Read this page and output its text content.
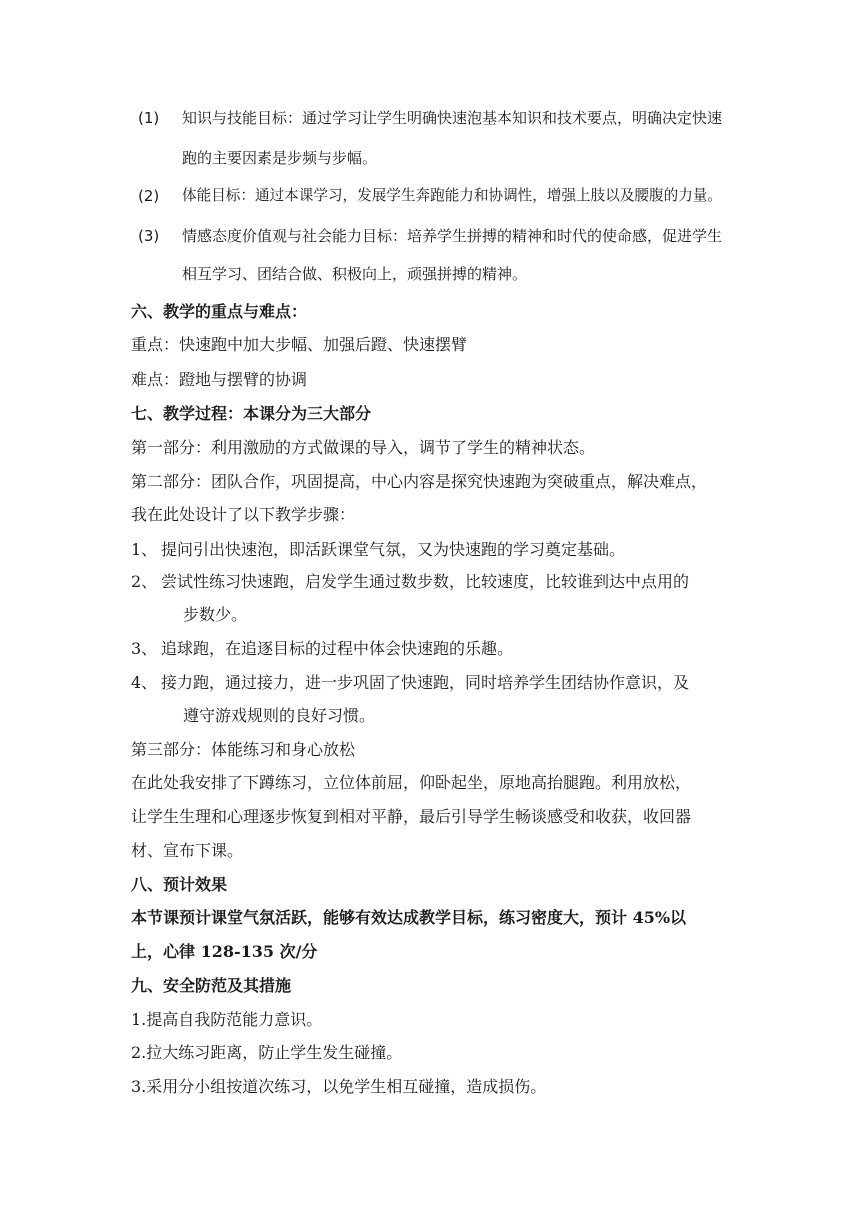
(1) 知识与技能目标：通过学习让学生明确快速泡基本知识和技术要点，明确决定快速
跑的主要因素是步频与步幅。
(2) 体能目标：通过本课学习，发展学生奔跑能力和协调性，增强上肢以及腰腹的力量。
(3) 情感态度价值观与社会能力目标：培养学生拼搏的精神和时代的使命感，促进学生
相互学习、团结合做、积极向上，顽强拼搏的精神。
六、教学的重点与难点：
重点：快速跑中加大步幅、加强后蹬、快速摆臂
难点：蹬地与摆臂的协调
七、教学过程：本课分为三大部分
第一部分：利用激励的方式做课的导入，调节了学生的精神状态。
第二部分：团队合作，巩固提高，中心内容是探究快速跑为突破重点，解决难点，
我在此处设计了以下教学步骤：
1、 提问引出快速泡，即活跃课堂气氛，又为快速跑的学习奠定基础。
2、 尝试性练习快速跑，启发学生通过数步数，比较速度，比较谁到达中点用的
步数少。
3、 追球跑，在追逐目标的过程中体会快速跑的乐趣。
4、 接力跑，通过接力，进一步巩固了快速跑，同时培养学生团结协作意识，及
遵守游戏规则的良好习惯。
第三部分：体能练习和身心放松
在此处我安排了下蹲练习，立位体前屈，仰卧起坐，原地高抬腿跑。利用放松，
让学生生理和心理逐步恢复到相对平静，最后引导学生畅谈感受和收获，收回器
材、宣布下课。
八、预计效果
本节课预计课堂气氛活跃，能够有效达成教学目标，练习密度大，预计 45%以
上，心律 128-135 次/分
九、安全防范及其措施
1.提高自我防范能力意识。
2.拉大练习距离，防止学生发生碰撞。
3.采用分小组按道次练习，以免学生相互碰撞，造成损伤。
